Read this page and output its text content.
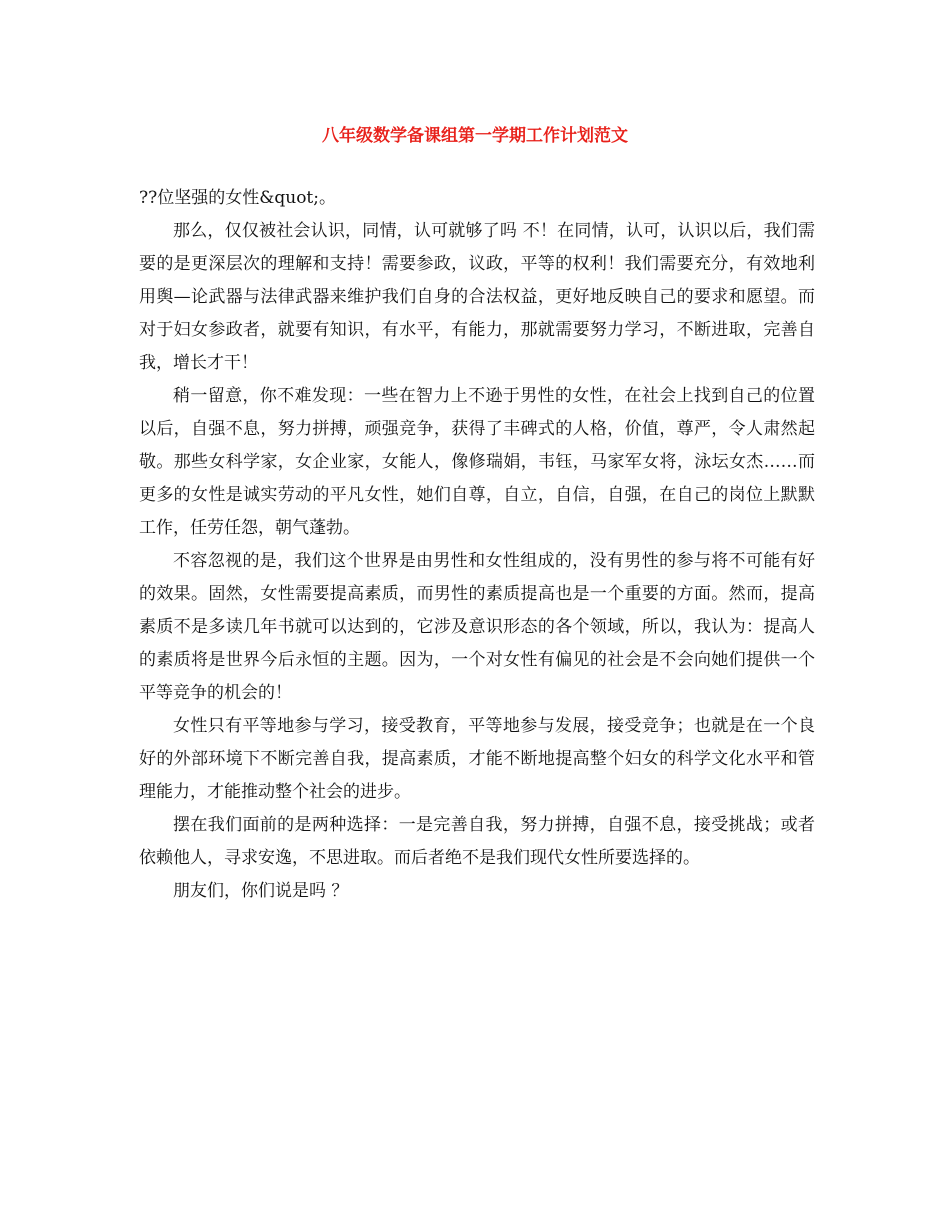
八年级数学备课组第一学期工作计划范文

??位坚强的女性&quot;。

那么，仅仅被社会认识，同情，认可就够了吗 不！在同情，认可，认识以后，我们需要的是更深层次的理解和支持！需要参政，议政，平等的权利！我们需要充分，有效地利用舆—论武器与法律武器来维护我们自身的合法权益，更好地反映自己的要求和愿望。而对于妇女参政者，就要有知识，有水平，有能力，那就需要努力学习，不断进取，完善自我，增长才干！

稍一留意，你不难发现：一些在智力上不逊于男性的女性，在社会上找到自己的位置以后，自强不息，努力拼搏，顽强竞争，获得了丰碑式的人格，价值，尊严，令人肃然起敬。那些女科学家，女企业家，女能人，像修瑞娟，韦钰，马家军女将，泳坛女杰……而更多的女性是诚实劳动的平凡女性，她们自尊，自立，自信，自强，在自己的岗位上默默工作，任劳任怨，朝气蓬勃。

不容忽视的是，我们这个世界是由男性和女性组成的，没有男性的参与将不可能有好的效果。固然，女性需要提高素质，而男性的素质提高也是一个重要的方面。然而，提高素质不是多读几年书就可以达到的，它涉及意识形态的各个领域，所以，我认为：提高人的素质将是世界今后永恒的主题。因为，一个对女性有偏见的社会是不会向她们提供一个平等竞争的机会的！

女性只有平等地参与学习，接受教育，平等地参与发展，接受竞争；也就是在一个良好的外部环境下不断完善自我，提高素质，才能不断地提高整个妇女的科学文化水平和管理能力，才能推动整个社会的进步。

摆在我们面前的是两种选择：一是完善自我，努力拼搏，自强不息，接受挑战；或者依赖他人，寻求安逸，不思进取。而后者绝不是我们现代女性所要选择的。

朋友们，你们说是吗 ？
